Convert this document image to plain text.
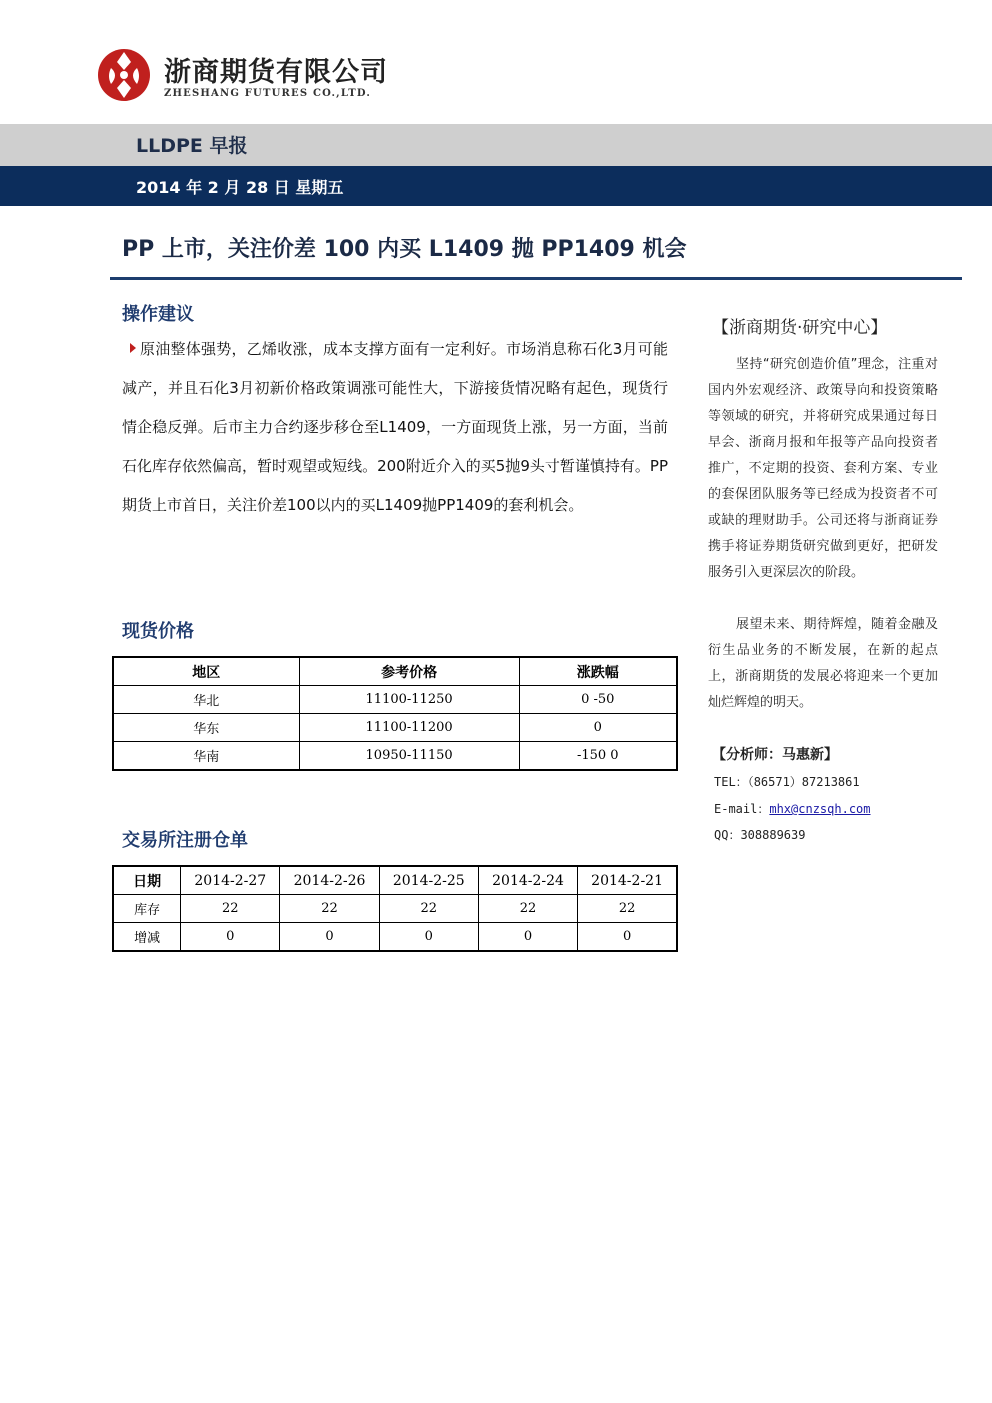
浙商期货有限公司
ZHESHANG FUTURES CO.,LTD.
LLDPE 早报
2014 年 2 月 28 日 星期五
PP 上市，关注价差 100 内买 L1409 抛 PP1409 机会
操作建议
原油整体强势，乙烯收涨，成本支撑方面有一定利好。市场消息称石化3月可能减产，并且石化3月初新价格政策调涨可能性大，下游接货情况略有起色，现货行情企稳反弹。后市主力合约逐步移仓至L1409，一方面现货上涨，另一方面，当前石化库存依然偏高，暂时观望或短线。200附近介入的买5抛9头寸暂谨慎持有。PP期货上市首日，关注价差100以内的买L1409抛PP1409的套利机会。
现货价格
地区	参考价格	涨跌幅
华北	11100-11250	0 -50
华东	11100-11200	0
华南	10950-11150	-150 0
交易所注册仓单
日期	2014-2-27	2014-2-26	2014-2-25	2014-2-24	2014-2-21
库存	22	22	22	22	22
增减	0	0	0	0	0
【浙商期货·研究中心】
坚持“研究创造价值”理念，注重对国内外宏观经济、政策导向和投资策略等领域的研究，并将研究成果通过每日早会、浙商月报和年报等产品向投资者推广，不定期的投资、套利方案、专业的套保团队服务等已经成为投资者不可或缺的理财助手。公司还将与浙商证券携手将证券期货研究做到更好，把研发服务引入更深层次的阶段。
展望未来、期待辉煌，随着金融及衍生品业务的不断发展，在新的起点上，浙商期货的发展必将迎来一个更加灿烂辉煌的明天。
【分析师：马惠新】
TEL：（86571）87213861
E-mail：mhx@cnzsqh.com
QQ：308889639
